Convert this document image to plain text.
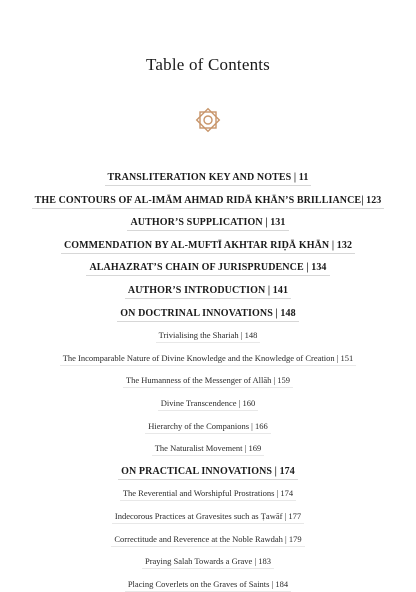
Table of Contents
TRANSLITERATION KEY AND NOTES | 11
THE CONTOURS OF AL-IMĀM AHMAD RIDĀ KHĀN’S BRILLIANCE| 123
AUTHOR’S SUPPLICATION | 131
COMMENDATION BY AL-MUFTĪ AKHTAR RIḌĀ KHĀN | 132
ALAHAZRAT’S CHAIN OF JURISPRUDENCE | 134
AUTHOR’S INTRODUCTION | 141
ON DOCTRINAL INNOVATIONS | 148
Trivialising the Shariah | 148
The Incomparable Nature of Divine Knowledge and the Knowledge of Creation | 151
The Humanness of the Messenger of Allāh | 159
Divine Transcendence | 160
Hierarchy of the Companions | 166
The Naturalist Movement | 169
ON PRACTICAL INNOVATIONS | 174
The Reverential and Worshipful Prostrations | 174
Indecorous Practices at Gravesites such as Ṭawāf | 177
Correctitude and Reverence at the Noble Rawdah | 179
Praying Salah Towards a Grave | 183
Placing Coverlets on the Graves of Saints | 184
